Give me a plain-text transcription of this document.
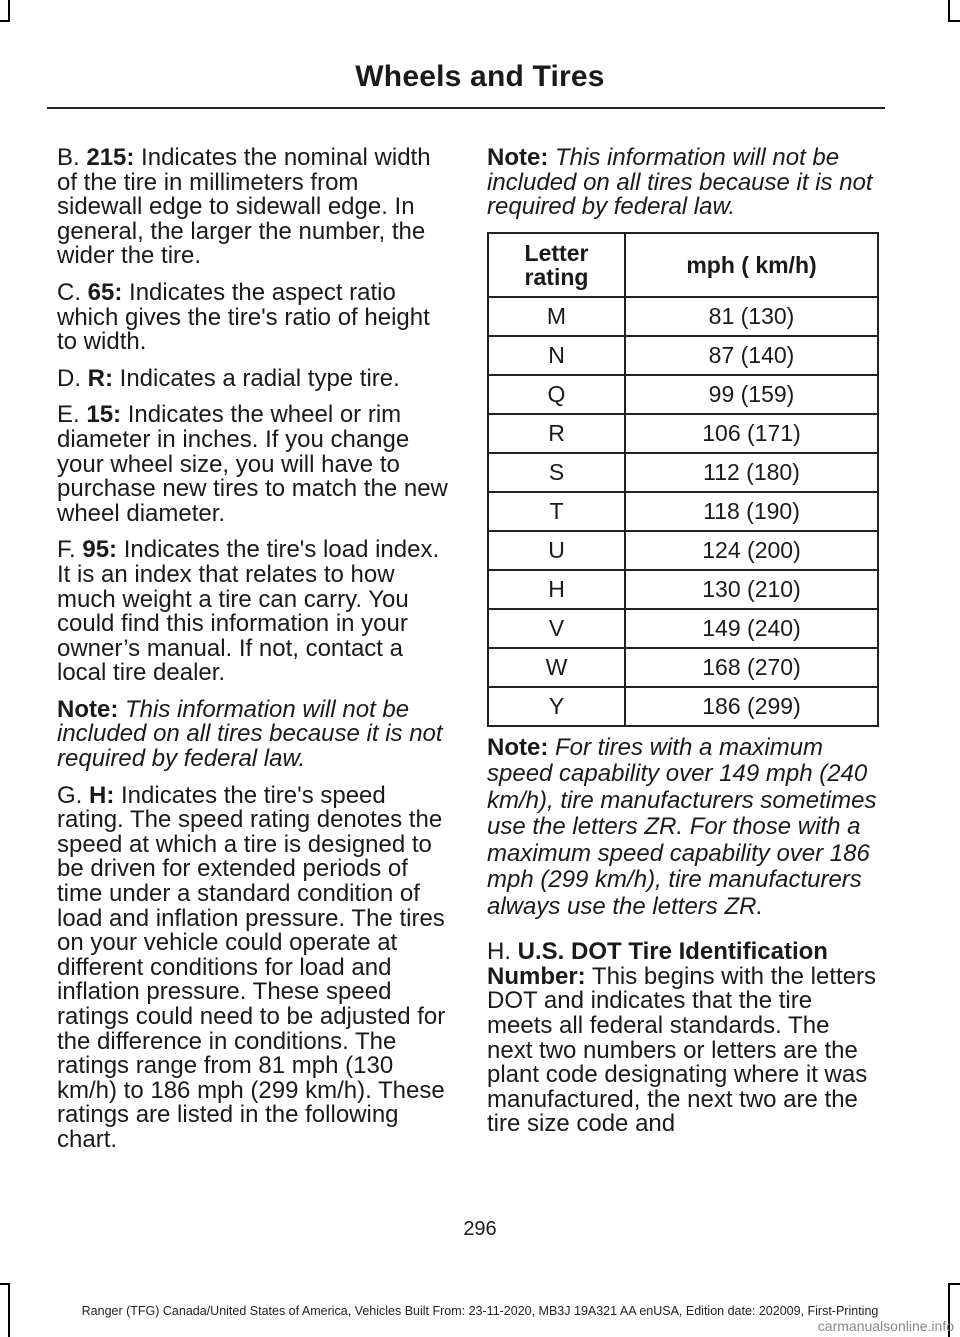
Wheels and Tires

B. 215: Indicates the nominal width of the tire in millimeters from sidewall edge to sidewall edge. In general, the larger the number, the wider the tire.

C. 65: Indicates the aspect ratio which gives the tire's ratio of height to width.

D. R: Indicates a radial type tire.

E. 15: Indicates the wheel or rim diameter in inches. If you change your wheel size, you will have to purchase new tires to match the new wheel diameter.

F. 95: Indicates the tire's load index. It is an index that relates to how much weight a tire can carry. You could find this information in your owner’s manual. If not, contact a local tire dealer.

Note: This information will not be included on all tires because it is not required by federal law.

G. H: Indicates the tire's speed rating. The speed rating denotes the speed at which a tire is designed to be driven for extended periods of time under a standard condition of load and inflation pressure. The tires on your vehicle could operate at different conditions for load and inflation pressure. These speed ratings could need to be adjusted for the difference in conditions. The ratings range from 81 mph (130 km/h) to 186 mph (299 km/h). These ratings are listed in the following chart.

Note: This information will not be included on all tires because it is not required by federal law.

Letter rating	mph ( km/h)
M	81 (130)
N	87 (140)
Q	99 (159)
R	106 (171)
S	112 (180)
T	118 (190)
U	124 (200)
H	130 (210)
V	149 (240)
W	168 (270)
Y	186 (299)

Note: For tires with a maximum speed capability over 149 mph (240 km/h), tire manufacturers sometimes use the letters ZR. For those with a maximum speed capability over 186 mph (299 km/h), tire manufacturers always use the letters ZR.

H. U.S. DOT Tire Identification Number: This begins with the letters DOT and indicates that the tire meets all federal standards. The next two numbers or letters are the plant code designating where it was manufactured, the next two are the tire size code and

296
Ranger (TFG) Canada/United States of America, Vehicles Built From: 23-11-2020, MB3J 19A321 AA enUSA, Edition date: 202009, First-Printing
carmanualsonline.info
